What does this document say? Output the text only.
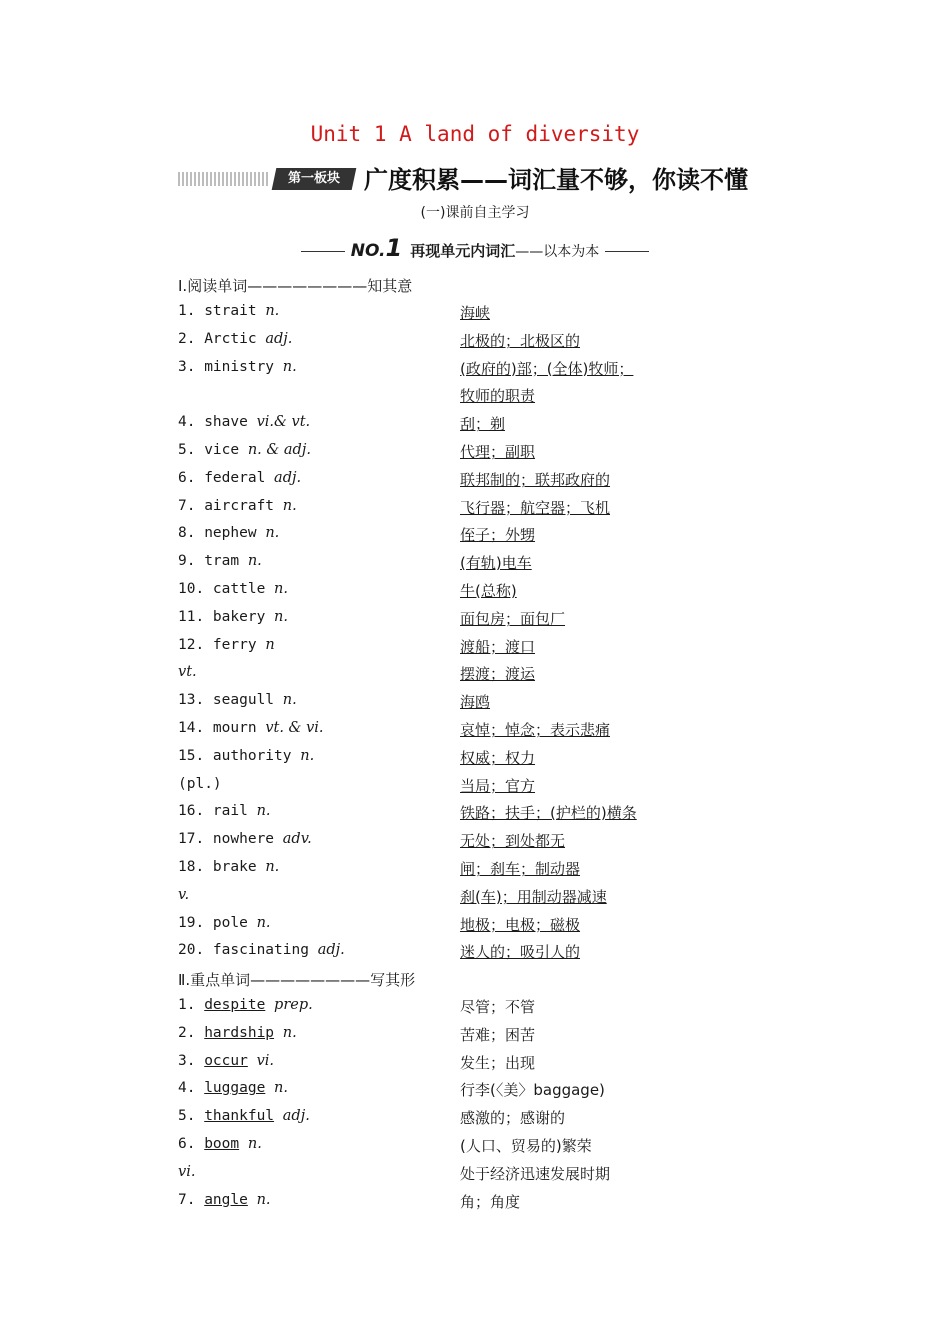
Unit 1 A land of diversity
第一板块	广度积累——词汇量不够，你读不懂
(一)课前自主学习
NO.1 再现单元内词汇——以本为本
Ⅰ.阅读单词————————知其意
1. strait n.	海峡
2. Arctic adj.	北极的；北极区的
3. ministry n.	(政府的)部；(全体)牧师；
牧师的职责
4. shave vi.& vt.	刮；剃
5. vice n. & adj.	代理；副职
6. federal adj.	联邦制的；联邦政府的
7. aircraft n.	飞行器；航空器；飞机
8. nephew n.	侄子；外甥
9. tram n.	(有轨)电车
10. cattle n.	牛(总称)
11. bakery n.	面包房；面包厂
12. ferry n	渡船；渡口
vt.	摆渡；渡运
13. seagull n.	海鸥
14. mourn vt. & vi.	哀悼；悼念；表示悲痛
15. authority n.	权威；权力
(pl.)	当局；官方
16. rail n.	铁路；扶手；(护栏的)横条
17. nowhere adv.	无处；到处都无
18. brake n.	闸；刹车；制动器
v.	刹(车)；用制动器减速
19. pole n.	地极；电极；磁极
20. fascinating adj.	迷人的；吸引人的
Ⅱ.重点单词————————写其形
1. despite prep.	尽管；不管
2. hardship n.	苦难；困苦
3. occur vi.	发生；出现
4. luggage n.	行李(〈美〉baggage)
5. thankful adj.	感激的；感谢的
6. boom n.	(人口、贸易的)繁荣
vi.	处于经济迅速发展时期
7. angle n.	角；角度
